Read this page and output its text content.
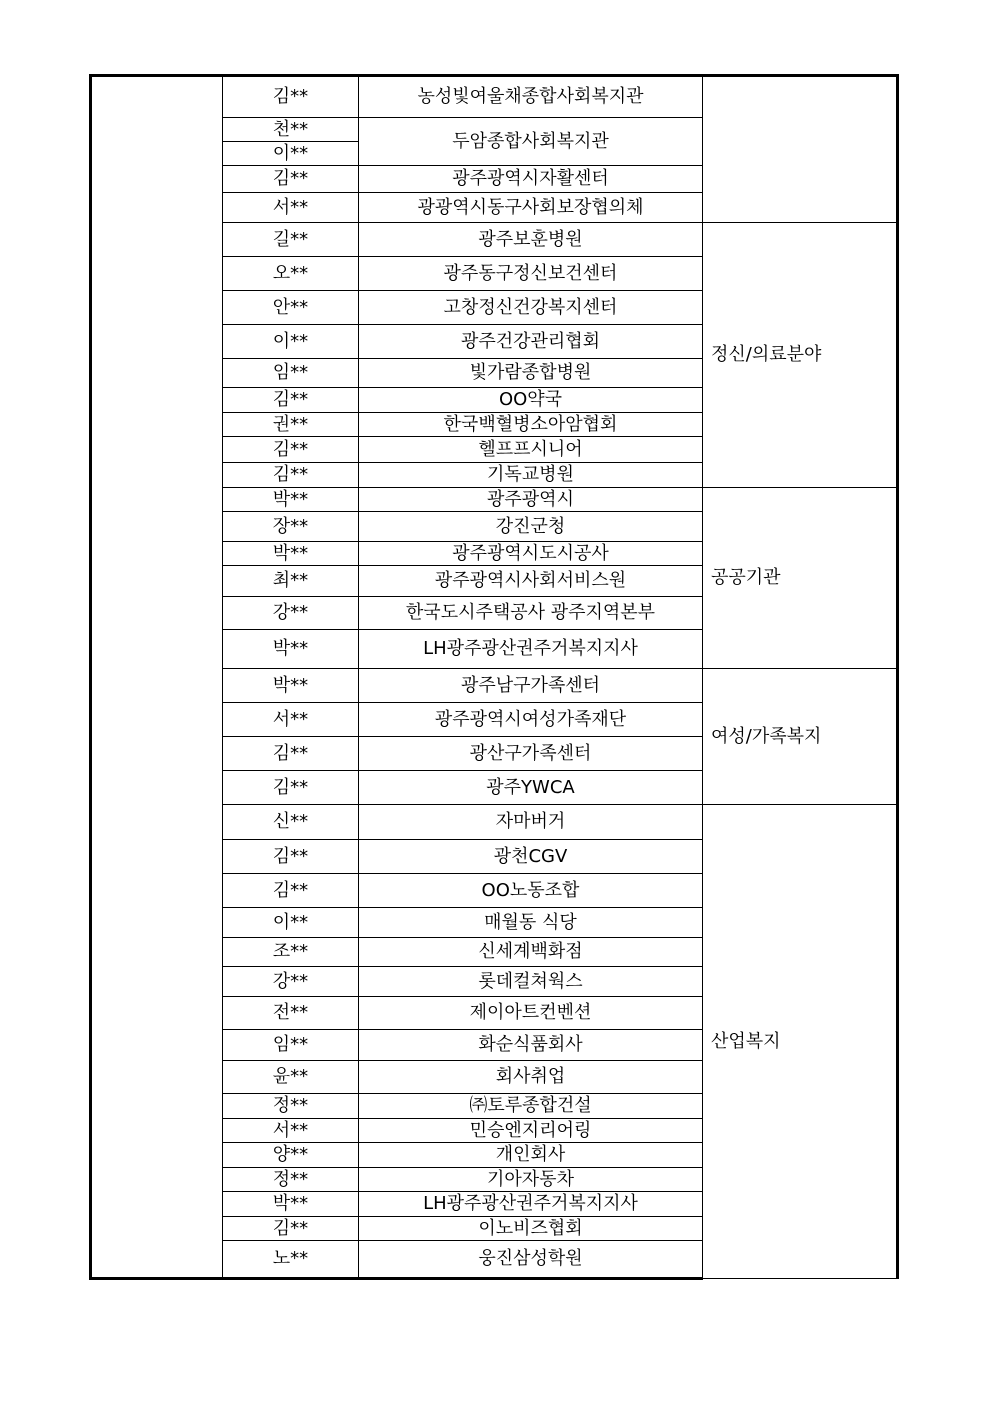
	김**	농성빛여울채종합사회복지관	
	천**	두암종합사회복지관	
	이**		
	김**	광주광역시자활센터	
	서**	광광역시동구사회보장협의체	
	길**	광주보훈병원	정신/의료분야
	오**	광주동구정신보건센터	
	안**	고창정신건강복지센터	
	이**	광주건강관리협회	
	임**	빛가람종합병원	
	김**	OO약국	
	권**	한국백혈병소아암협회	
	김**	헬프프시니어	
	김**	기독교병원	
	박**	광주광역시	공공기관
	장**	강진군청	
	박**	광주광역시도시공사	
	최**	광주광역시사회서비스원	
	강**	한국도시주택공사 광주지역본부	
	박**	LH광주광산권주거복지지사	
	박**	광주남구가족센터	여성/가족복지
	서**	광주광역시여성가족재단	
	김**	광산구가족센터	
	김**	광주YWCA	
	신**	자마버거	산업복지
	김**	광천CGV	
	김**	OO노동조합	
	이**	매월동 식당	
	조**	신세계백화점	
	강**	롯데컬쳐웍스	
	전**	제이아트컨벤션	
	임**	화순식품회사	
	윤**	회사취업	
	정**	㈜토루종합건설	
	서**	민승엔지리어링	
	양**	개인회사	
	정**	기아자동차	
	박**	LH광주광산권주거복지지사	
	김**	이노비즈협회	
	노**	웅진삼성학원	
